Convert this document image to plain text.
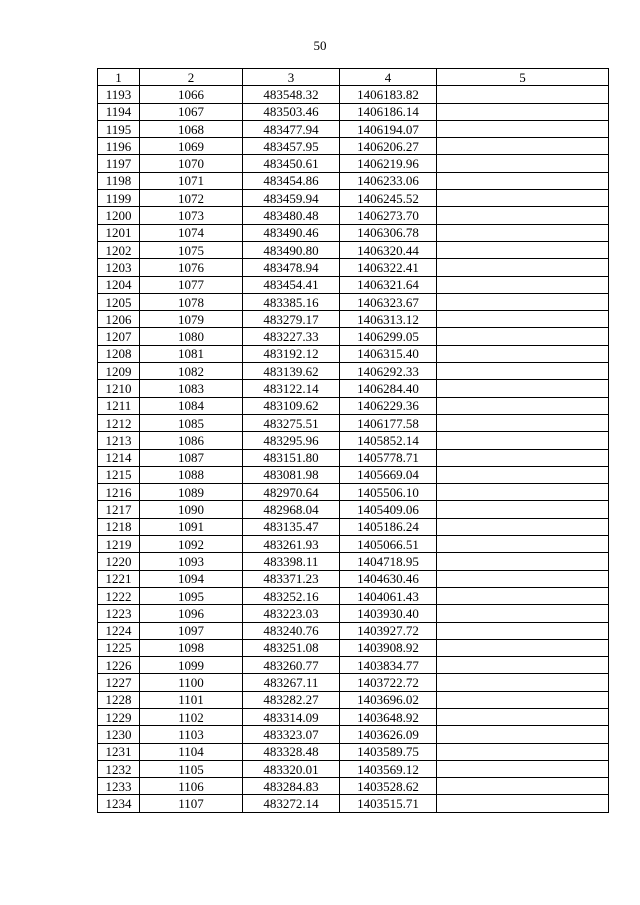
50
1	2	3	4	5
1193	1066	483548.32	1406183.82	
1194	1067	483503.46	1406186.14	
1195	1068	483477.94	1406194.07	
1196	1069	483457.95	1406206.27	
1197	1070	483450.61	1406219.96	
1198	1071	483454.86	1406233.06	
1199	1072	483459.94	1406245.52	
1200	1073	483480.48	1406273.70	
1201	1074	483490.46	1406306.78	
1202	1075	483490.80	1406320.44	
1203	1076	483478.94	1406322.41	
1204	1077	483454.41	1406321.64	
1205	1078	483385.16	1406323.67	
1206	1079	483279.17	1406313.12	
1207	1080	483227.33	1406299.05	
1208	1081	483192.12	1406315.40	
1209	1082	483139.62	1406292.33	
1210	1083	483122.14	1406284.40	
1211	1084	483109.62	1406229.36	
1212	1085	483275.51	1406177.58	
1213	1086	483295.96	1405852.14	
1214	1087	483151.80	1405778.71	
1215	1088	483081.98	1405669.04	
1216	1089	482970.64	1405506.10	
1217	1090	482968.04	1405409.06	
1218	1091	483135.47	1405186.24	
1219	1092	483261.93	1405066.51	
1220	1093	483398.11	1404718.95	
1221	1094	483371.23	1404630.46	
1222	1095	483252.16	1404061.43	
1223	1096	483223.03	1403930.40	
1224	1097	483240.76	1403927.72	
1225	1098	483251.08	1403908.92	
1226	1099	483260.77	1403834.77	
1227	1100	483267.11	1403722.72	
1228	1101	483282.27	1403696.02	
1229	1102	483314.09	1403648.92	
1230	1103	483323.07	1403626.09	
1231	1104	483328.48	1403589.75	
1232	1105	483320.01	1403569.12	
1233	1106	483284.83	1403528.62	
1234	1107	483272.14	1403515.71	
